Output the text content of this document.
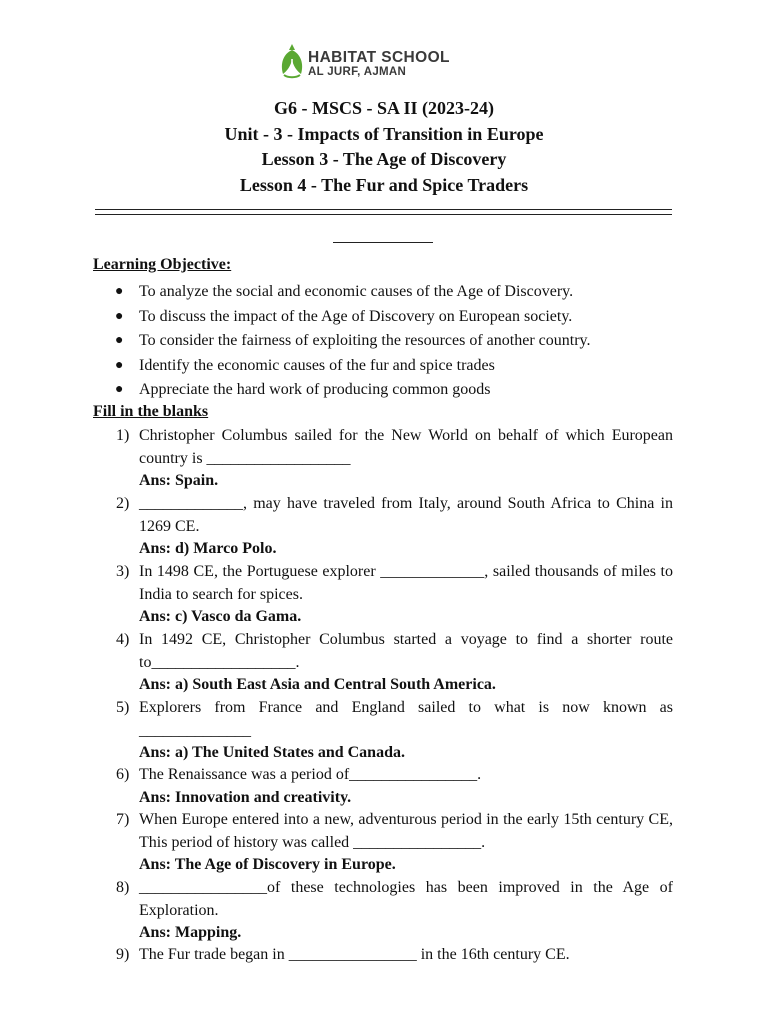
HABITAT SCHOOL
AL JURF, AJMAN
G6 - MSCS - SA II (2023-24)
Unit - 3 - Impacts of Transition in Europe
Lesson 3 - The Age of Discovery
Lesson 4 - The Fur and Spice Traders
Learning Objective:
● To analyze the social and economic causes of the Age of Discovery.
● To discuss the impact of the Age of Discovery on European society.
● To consider the fairness of exploiting the resources of another country.
● Identify the economic causes of the fur and spice trades
● Appreciate the hard work of producing common goods
Fill in the blanks
1) Christopher Columbus sailed for the New World on behalf of which European country is __________________
Ans: Spain.
2) _____________, may have traveled from Italy, around South Africa to China in 1269 CE.
Ans: d) Marco Polo.
3) In 1498 CE, the Portuguese explorer _____________, sailed thousands of miles to India to search for spices.
Ans: c) Vasco da Gama.
4) In 1492 CE, Christopher Columbus started a voyage to find a shorter route to__________________.
Ans: a) South East Asia and Central South America.
5) Explorers from France and England sailed to what is now known as ______________
Ans: a) The United States and Canada.
6) The Renaissance was a period of________________.
Ans: Innovation and creativity.
7) When Europe entered into a new, adventurous period in the early 15th century CE, This period of history was called ________________.
Ans: The Age of Discovery in Europe.
8) ________________of these technologies has been improved in the Age of Exploration.
Ans: Mapping.
9) The Fur trade began in ________________ in the 16th century CE.
